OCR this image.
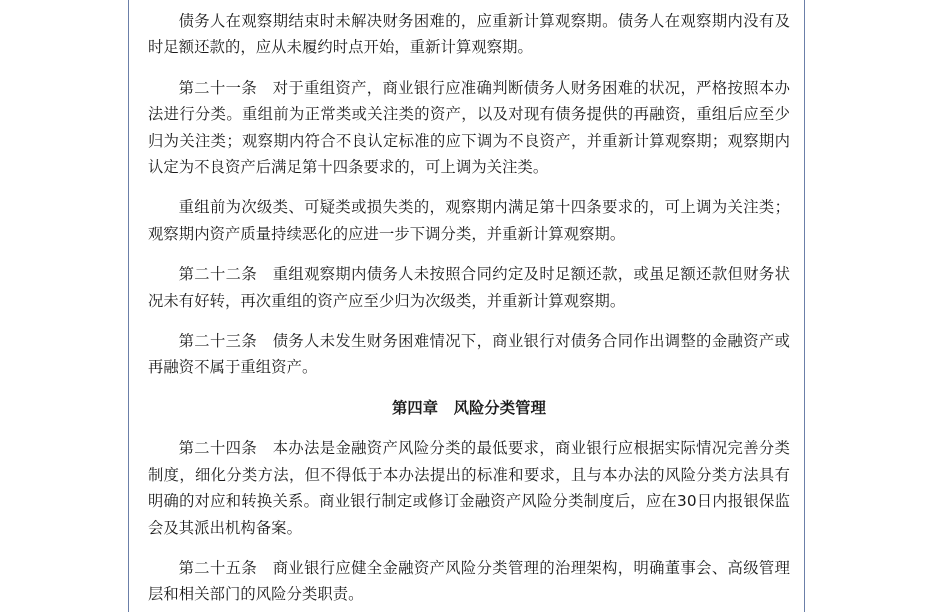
债务人在观察期结束时未解决财务困难的，应重新计算观察期。债务人在观察期内没有及时足额还款的，应从未履约时点开始，重新计算观察期。

第二十一条　对于重组资产，商业银行应准确判断债务人财务困难的状况，严格按照本办法进行分类。重组前为正常类或关注类的资产，以及对现有债务提供的再融资，重组后应至少归为关注类；观察期内符合不良认定标准的应下调为不良资产，并重新计算观察期；观察期内认定为不良资产后满足第十四条要求的，可上调为关注类。

重组前为次级类、可疑类或损失类的，观察期内满足第十四条要求的，可上调为关注类；观察期内资产质量持续恶化的应进一步下调分类，并重新计算观察期。

第二十二条　重组观察期内债务人未按照合同约定及时足额还款，或虽足额还款但财务状况未有好转，再次重组的资产应至少归为次级类，并重新计算观察期。

第二十三条　债务人未发生财务困难情况下，商业银行对债务合同作出调整的金融资产或再融资不属于重组资产。

第四章　风险分类管理

第二十四条　本办法是金融资产风险分类的最低要求，商业银行应根据实际情况完善分类制度，细化分类方法，但不得低于本办法提出的标准和要求，且与本办法的风险分类方法具有明确的对应和转换关系。商业银行制定或修订金融资产风险分类制度后，应在30日内报银保监会及其派出机构备案。

第二十五条　商业银行应健全金融资产风险分类管理的治理架构，明确董事会、高级管理层和相关部门的风险分类职责。
